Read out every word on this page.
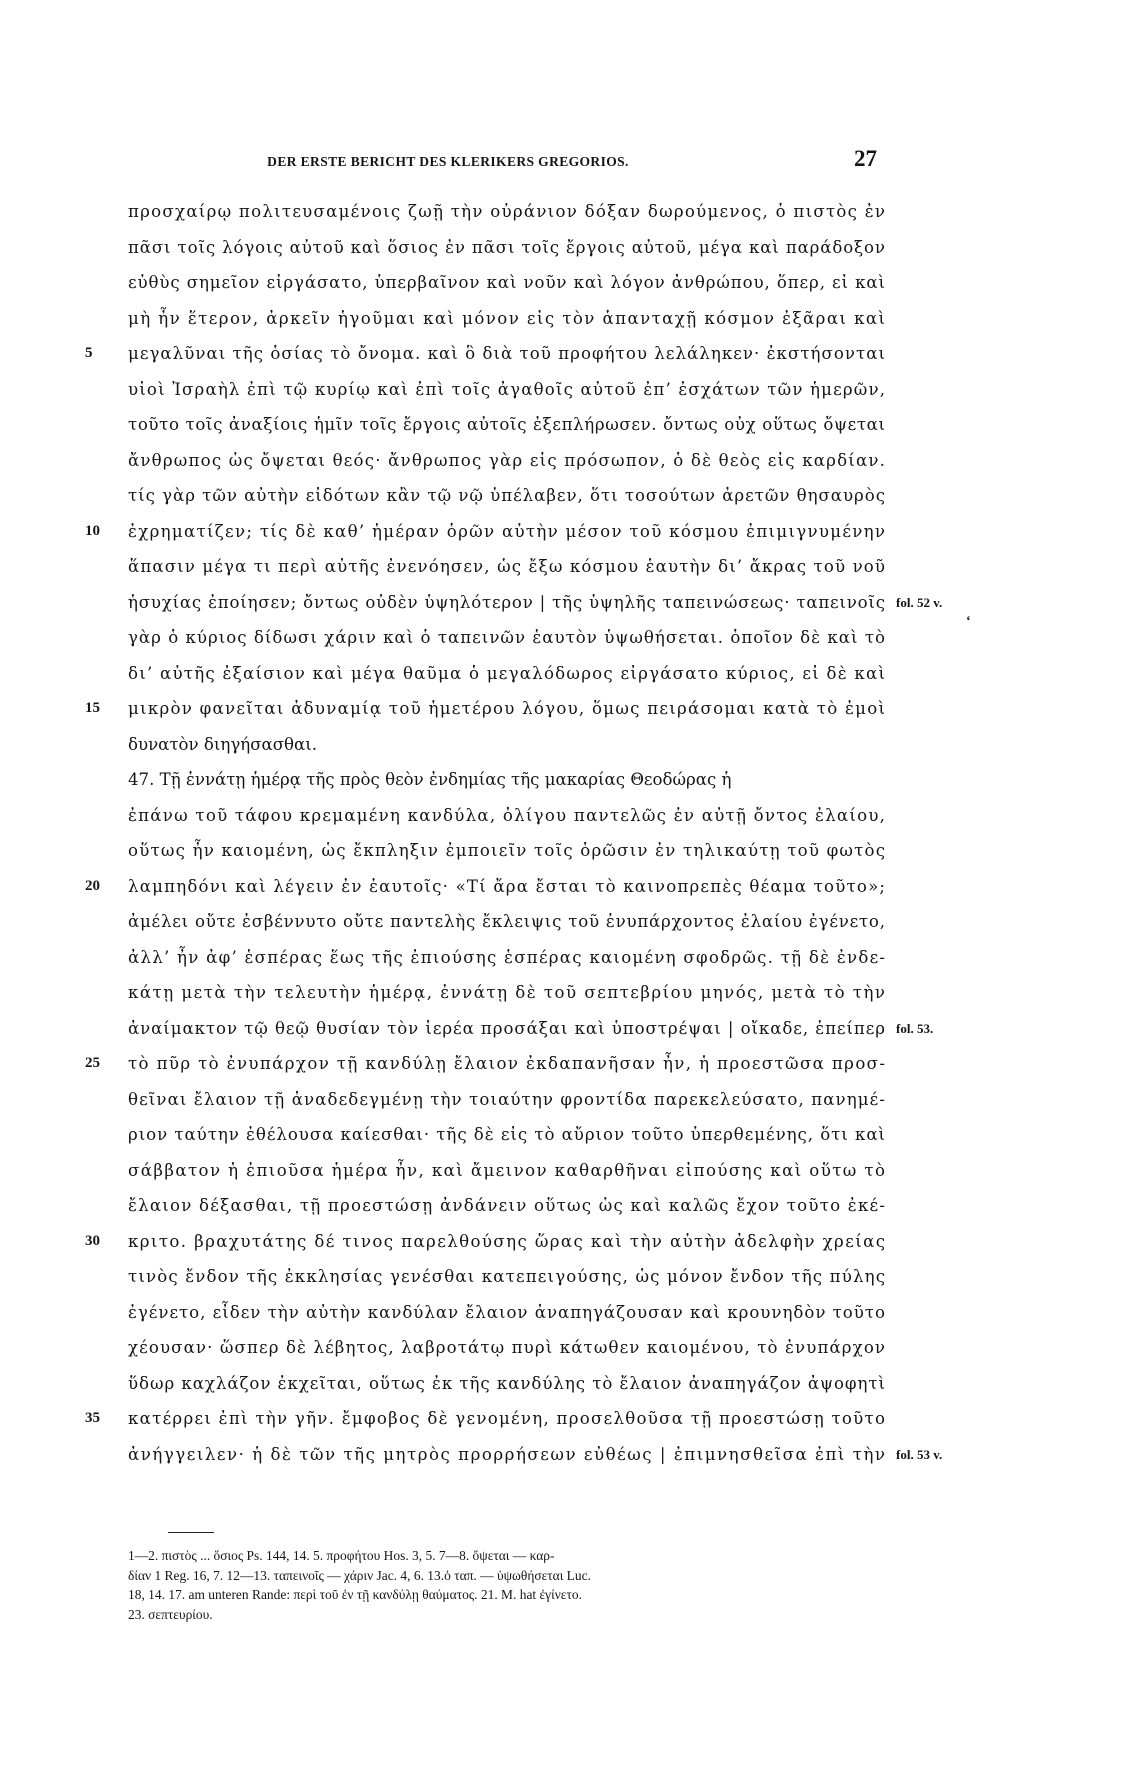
DER ERSTE BERICHT DES KLERIKERS GREGORIOS.	27
προσχαίρῳ πολιτευσαμένοις ζωῇ τὴν οὐράνιον δόξαν δωρούμενος, ὁ πιστὸς ἐν
πᾶσι τοῖς λόγοις αὐτοῦ καὶ ὅσιος ἐν πᾶσι τοῖς ἔργοις αὐτοῦ, μέγα καὶ παράδοξον
εὐθὺς σημεῖον εἰργάσατο, ὑπερβαῖνον καὶ νοῦν καὶ λόγον ἀνθρώπου, ὅπερ, εἰ καὶ
μὴ ἦν ἕτερον, ἀρκεῖν ἡγοῦμαι καὶ μόνον εἰς τὸν ἁπανταχῇ κόσμον ἐξᾶραι καὶ
5	μεγαλῦναι τῆς ὁσίας τὸ ὄνομα. καὶ ὃ διὰ τοῦ προφήτου λελάληκεν· ἐκστήσονται
υἱοὶ Ἰσραὴλ ἐπὶ τῷ κυρίῳ καὶ ἐπὶ τοῖς ἀγαθοῖς αὐτοῦ ἐπ’ ἐσχάτων τῶν ἡμερῶν,
τοῦτο τοῖς ἀναξίοις ἡμῖν τοῖς ἔργοις αὐτοῖς ἐξεπλήρωσεν. ὄντως οὐχ οὕτως ὄψεται
ἄνθρωπος ὡς ὄψεται θεός· ἄνθρωπος γὰρ εἰς πρόσωπον, ὁ δὲ θεὸς εἰς καρδίαν.
τίς γὰρ τῶν αὐτὴν εἰδότων κἂν τῷ νῷ ὑπέλαβεν, ὅτι τοσούτων ἀρετῶν θησαυρὸς
10	ἐχρηματίζεν; τίς δὲ καθ’ ἡμέραν ὁρῶν αὐτὴν μέσον τοῦ κόσμου ἐπιμιγνυμένην
ἅπασιν μέγα τι περὶ αὐτῆς ἐνενόησεν, ὡς ἔξω κόσμου ἑαυτὴν δι’ ἄκρας τοῦ νοῦ
ἡσυχίας ἐποίησεν; ὄντως οὐδὲν ὑψηλότερον | τῆς ὑψηλῆς ταπεινώσεως· ταπεινοῖς fol. 52 v.
γὰρ ὁ κύριος δίδωσι χάριν καὶ ὁ ταπεινῶν ἑαυτὸν ὑψωθήσεται. ὁποῖον δὲ καὶ τὸ
δι’ αὐτῆς ἐξαίσιον καὶ μέγα θαῦμα ὁ μεγαλόδωρος εἰργάσατο κύριος, εἰ δὲ καὶ
15	μικρὸν φανεῖται ἀδυναμίᾳ τοῦ ἡμετέρου λόγου, ὅμως πειράσομαι κατὰ τὸ ἐμοὶ
δυνατὸν διηγήσασθαι.
47. Τῇ ἐννάτῃ ἡμέρᾳ τῆς πρὸς θεὸν ἐνδημίας τῆς μακαρίας Θεοδώρας ἡ
ἐπάνω τοῦ τάφου κρεμαμένη κανδύλα, ὀλίγου παντελῶς ἐν αὐτῇ ὄντος ἐλαίου,
οὕτως ἦν καιομένη, ὡς ἔκπληξιν ἐμποιεῖν τοῖς ὁρῶσιν ἐν τηλικαύτῃ τοῦ φωτὸς
20	λαμπηδόνι καὶ λέγειν ἐν ἑαυτοῖς· «Τί ἄρα ἔσται τὸ καινοπρεπὲς θέαμα τοῦτο»;
ἀμέλει οὔτε ἐσβέννυτο οὔτε παντελὴς ἔκλειψις τοῦ ἐνυπάρχοντος ἐλαίου ἐγένετο,
ἀλλ’ ἦν ἀφ’ ἑσπέρας ἕως τῆς ἐπιούσης ἑσπέρας καιομένη σφοδρῶς. τῇ δὲ ἐνδε-
κάτῃ μετὰ τὴν τελευτὴν ἡμέρᾳ, ἐννάτῃ δὲ τοῦ σεπτεβρίου μηνός, μετὰ τὸ τὴν
ἀναίμακτον τῷ θεῷ θυσίαν τὸν ἱερέα προσάξαι καὶ ὑποστρέψαι | οἴκαδε, ἐπείπερ fol. 53.
25	τὸ πῦρ τὸ ἐνυπάρχον τῇ κανδύλῃ ἔλαιον ἐκδαπανῆσαν ἦν, ἡ προεστῶσα προσ-
θεῖναι ἔλαιον τῇ ἀναδεδεγμένῃ τὴν τοιαύτην φροντίδα παρεκελεύσατο, πανημέ-
ριον ταύτην ἐθέλουσα καίεσθαι· τῆς δὲ εἰς τὸ αὔριον τοῦτο ὑπερθεμένης, ὅτι καὶ
σάββατον ἡ ἐπιοῦσα ἡμέρα ἦν, καὶ ἄμεινον καθαρθῆναι εἰπούσης καὶ οὕτω τὸ
ἔλαιον δέξασθαι, τῇ προεστώσῃ ἀνδάνειν οὕτως ὡς καὶ καλῶς ἔχον τοῦτο ἐκέ-
30	κριτο. βραχυτάτης δέ τινος παρελθούσης ὥρας καὶ τὴν αὐτὴν ἀδελφὴν χρείας
τινὸς ἔνδον τῆς ἐκκλησίας γενέσθαι κατεπειγούσης, ὡς μόνον ἔνδον τῆς πύλης
ἐγένετο, εἶδεν τὴν αὐτὴν κανδύλαν ἔλαιον ἀναπηγάζουσαν καὶ κρουνηδὸν τοῦτο
χέουσαν· ὥσπερ δὲ λέβητος, λαβροτάτῳ πυρὶ κάτωθεν καιομένου, τὸ ἐνυπάρχον
ὕδωρ καχλάζον ἐκχεῖται, οὕτως ἐκ τῆς κανδύλης τὸ ἔλαιον ἀναπηγάζον ἀψοφητὶ
35	κατέρρει ἐπὶ τὴν γῆν. ἔμφοβος δὲ γενομένη, προσελθοῦσα τῇ προεστώσῃ τοῦτο
ἀνήγγειλεν· ἡ δὲ τῶν τῆς μητρὸς προρρήσεων εὐθέως | ἐπιμνησθεῖσα ἐπὶ τὴν fol. 53 v.
ʻ
1—2. πιστὸς ... ὅσιος Ps. 144, 14. 5. προφήτου Hos. 3, 5. 7—8. ὄψεται — καρ-
δίαν 1 Reg. 16, 7. 12—13. ταπεινοῖς — χάριν Jac. 4, 6. 13.ὁ ταπ. — ὑψωθήσεται Luc.
18, 14. 17. am unteren Rande: περὶ τοῦ ἐν τῇ κανδύλῃ θαύματος. 21. M. hat ἐγίνετο.
23. σεπτευρίου.
